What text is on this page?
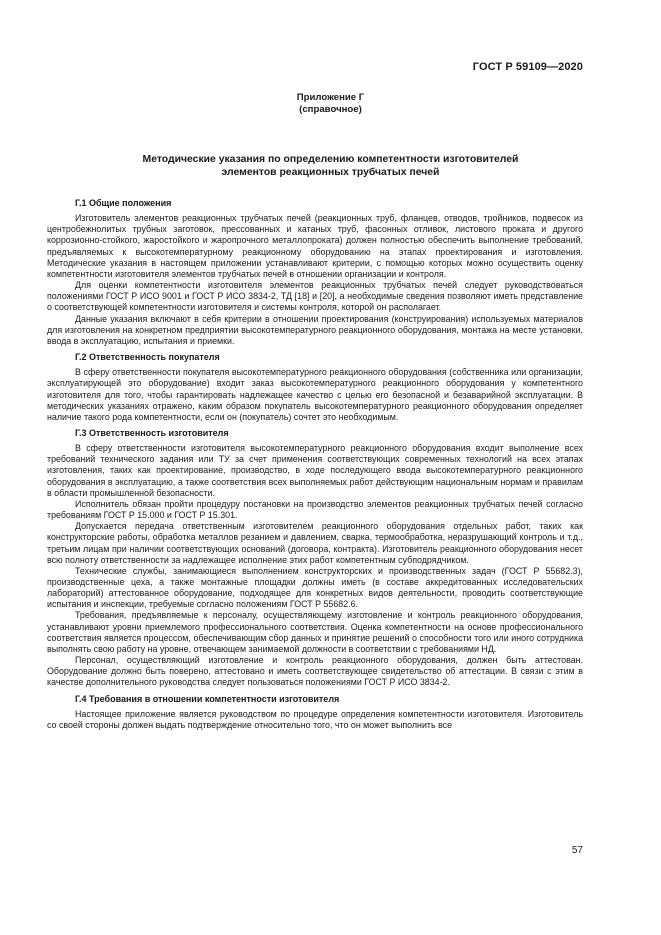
ГОСТ Р 59109—2020
Приложение Г
(справочное)
Методические указания по определению компетентности изготовителей
элементов реакционных трубчатых печей
Г.1 Общие положения

Изготовитель элементов реакционных трубчатых печей (реакционных труб, фланцев, отводов, тройников, подвесок из центробежнолитых трубных заготовок, прессованных и катаных труб, фасонных отливок, листового проката и другого коррозионно-стойкого, жаростойкого и жаропрочного металлопроката) должен полностью обеспечить выполнение требований, предъявляемых к высокотемпературному реакционному оборудованию на этапах проектирования и изготовления. Методические указания в настоящем приложении устанавливают критерии, с помощью которых можно осуществить оценку компетентности изготовителя элементов трубчатых печей в отношении организации и контроля.

Для оценки компетентности изготовителя элементов реакционных трубчатых печей следует руководствоваться положениями ГОСТ Р ИСО 9001 и ГОСТ Р ИСО 3834-2, ТД [18] и [20], а необходимые сведения позволяют иметь представление о соответствующей компетентности изготовителя и системы контроля, которой он располагает.

Данные указания включают в себя критерии в отношении проектирования (конструирования) используемых материалов для изготовления на конкретном предприятии высокотемпературного реакционного оборудования, монтажа на месте установки, ввода в эксплуатацию, испытания и приемки.

Г.2 Ответственность покупателя

В сферу ответственности покупателя высокотемпературного реакционного оборудования (собственника или организации, эксплуатирующей это оборудование) входит заказ высокотемпературного реакционного оборудования у компетентного изготовителя для того, чтобы гарантировать надлежащее качество с целью его безопасной и безаварийной эксплуатации. В методических указаниях отражено, каким образом покупатель высокотемпературного реакционного оборудования определяет наличие такого рода компетентности, если он (покупатель) сочтет это необходимым.

Г.3 Ответственность изготовителя

В сферу ответственности изготовителя высокотемпературного реакционного оборудования входит выполнение всех требований технического задания или ТУ за счет применения соответствующих современных технологий на всех этапах изготовления, таких как проектирование, производство, в ходе последующего ввода высокотемпературного реакционного оборудования в эксплуатацию, а также соответствия всех выполняемых работ действующим национальным нормам и правилам в области промышленной безопасности.

Исполнитель обязан пройти процедуру постановки на производство элементов реакционных трубчатых печей согласно требованиям ГОСТ Р 15.000 и ГОСТ Р 15.301.

Допускается передача ответственным изготовителем реакционного оборудования отдельных работ, таких как конструкторские работы, обработка металлов резанием и давлением, сварка, термообработка, неразрушающий контроль и т.д., третьим лицам при наличии соответствующих оснований (договора, контракта). Изготовитель реакционного оборудования несет всю полноту ответственности за надлежащее исполнение этих работ компетентным субподрядчиком.

Технические службы, занимающиеся выполнением конструкторских и производственных задач (ГОСТ Р 55682.3), производственные цеха, а также монтажные площадки должны иметь (в составе аккредитованных исследовательских лабораторий) аттестованное оборудование, подходящее для конкретных видов деятельности, проводить соответствующие испытания и инспекции, требуемые согласно положениям ГОСТ Р 55682.6.

Требования, предъявляемые к персоналу, осуществляющему изготовление и контроль реакционного оборудования, устанавливают уровни приемлемого профессионального соответствия. Оценка компетентности на основе профессионального соответствия является процессом, обеспечивающим сбор данных и принятие решений о способности того или иного сотрудника выполнять свою работу на уровне, отвечающем занимаемой должности в соответствии с требованиями НД.

Персонал, осуществляющий изготовление и контроль реакционного оборудования, должен быть аттестован. Оборудование должно быть поверено, аттестовано и иметь соответствующее свидетельство об аттестации. В связи с этим в качестве дополнительного руководства следует пользоваться положениями ГОСТ Р ИСО 3834-2.

Г.4 Требования в отношении компетентности изготовителя

Настоящее приложение является руководством по процедуре определения компетентности изготовителя. Изготовитель со своей стороны должен выдать подтверждение относительно того, что он может выполнить все

57
